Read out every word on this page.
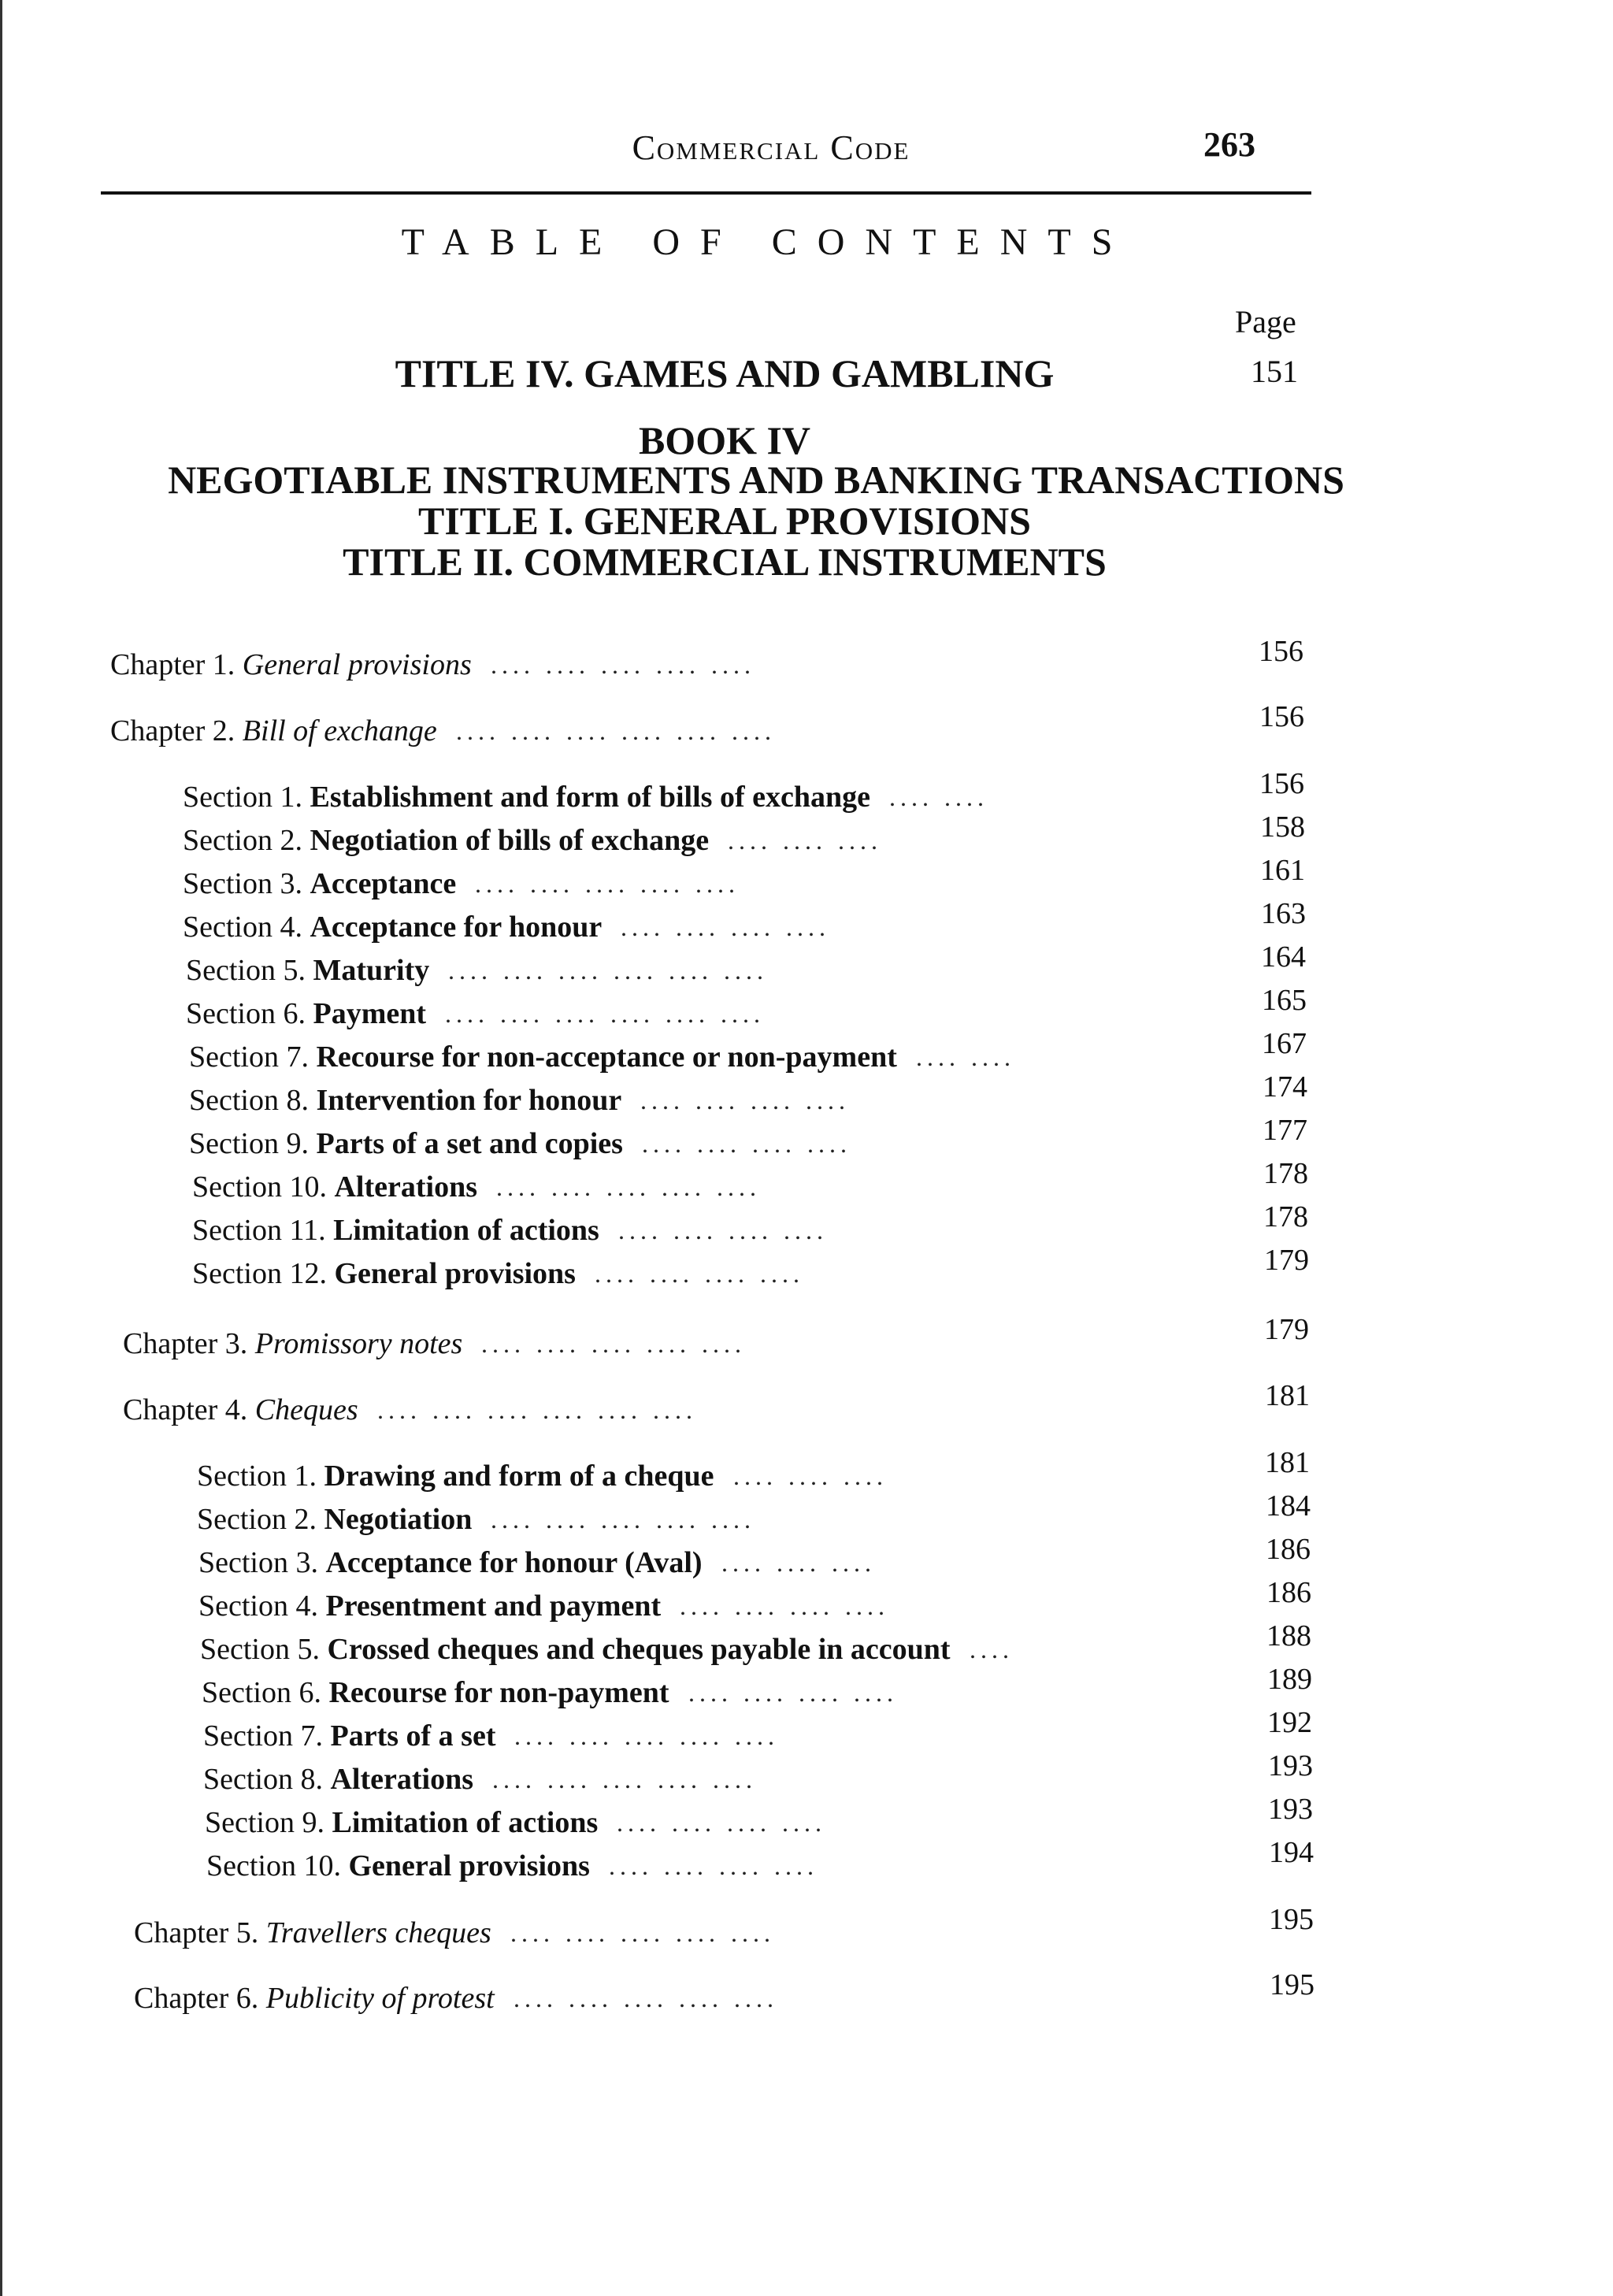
Commercial Code	263
TABLE OF CONTENTS
Page
TITLE IV. GAMES AND GAMBLING	151
BOOK IV
NEGOTIABLE INSTRUMENTS AND BANKING TRANSACTIONS
TITLE I. GENERAL PROVISIONS
TITLE II. COMMERCIAL INSTRUMENTS
Chapter 1. General provisions .... .... .... .... ....	156
Chapter 2. Bill of exchange .... .... .... .... .... ....	156
Section 1. Establishment and form of bills of exchange .... ....	156
Section 2. Negotiation of bills of exchange .... .... ....	158
Section 3. Acceptance .... .... .... .... ....	161
Section 4. Acceptance for honour .... .... .... ....	163
Section 5. Maturity .... .... .... .... .... ....	164
Section 6. Payment .... .... .... .... .... ....	165
Section 7. Recourse for non-acceptance or non-payment .... ....	167
Section 8. Intervention for honour .... .... .... ....	174
Section 9. Parts of a set and copies .... .... .... ....	177
Section 10. Alterations .... .... .... .... ....	178
Section 11. Limitation of actions .... .... .... ....	178
Section 12. General provisions .... .... .... ....	179
Chapter 3. Promissory notes .... .... .... .... ....	179
Chapter 4. Cheques .... .... .... .... .... ....	181
Section 1. Drawing and form of a cheque .... .... ....	181
Section 2. Negotiation .... .... .... .... ....	184
Section 3. Acceptance for honour (Aval) .... .... ....	186
Section 4. Presentment and payment .... .... .... ....	186
Section 5. Crossed cheques and cheques payable in account ....	188
Section 6. Recourse for non-payment .... .... .... ....	189
Section 7. Parts of a set .... .... .... .... ....	192
Section 8. Alterations .... .... .... .... ....	193
Section 9. Limitation of actions .... .... .... ....	193
Section 10. General provisions .... .... .... ....	194
Chapter 5. Travellers cheques .... .... .... .... ....	195
Chapter 6. Publicity of protest .... .... .... .... ....	195
